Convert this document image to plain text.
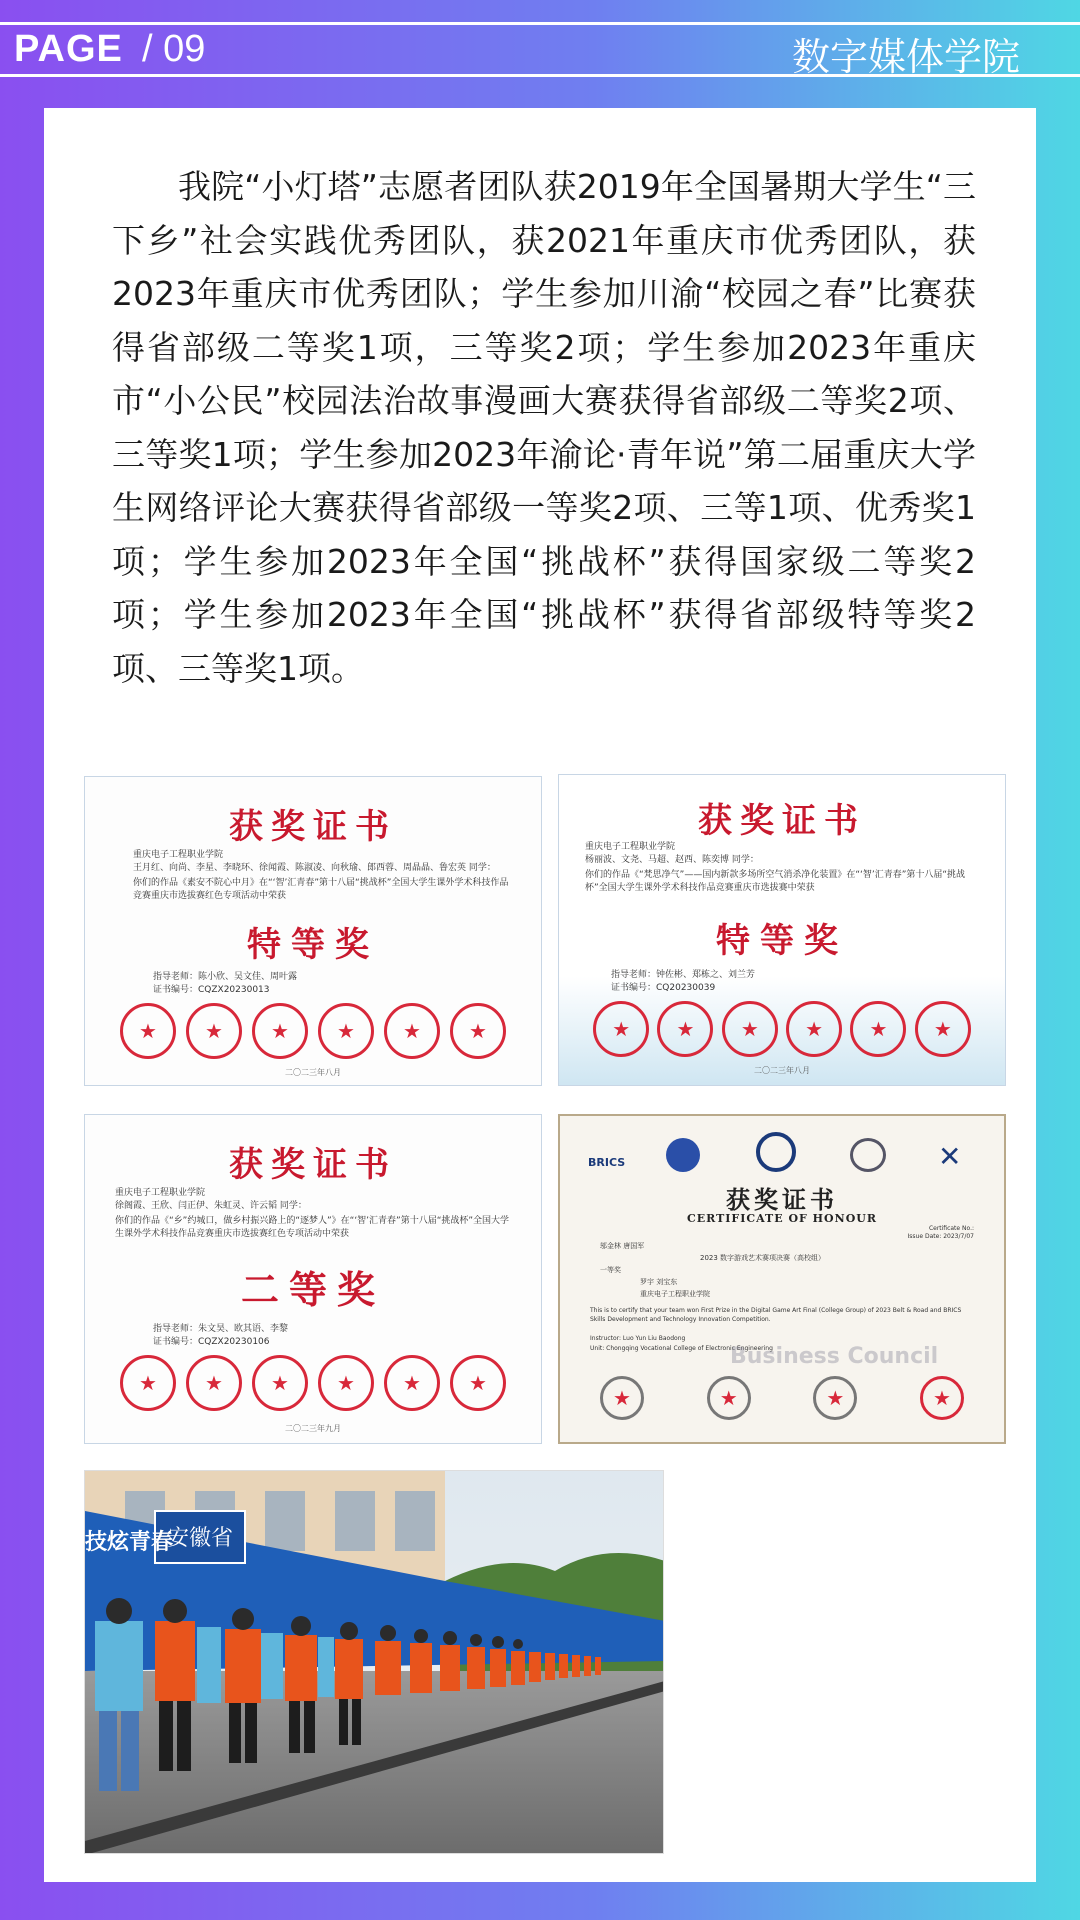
PAGE / 09	数字媒体学院

我院“小灯塔”志愿者团队获2019年全国暑期大学生“三下乡”社会实践优秀团队，获2021年重庆市优秀团队，获2023年重庆市优秀团队；学生参加川渝“校园之春”比赛获得省部级二等奖1项，三等奖2项；学生参加2023年重庆市“小公民”校园法治故事漫画大赛获得省部级二等奖2项、三等奖1项；学生参加2023年渝论·青年说”第二届重庆大学生网络评论大赛获得省部级一等奖2项、三等1项、优秀奖1项；学生参加2023年全国“挑战杯”获得国家级二等奖2项；学生参加2023年全国“挑战杯”获得省部级特等奖2项、三等奖1项。

获奖证书
重庆电子工程职业学院
王月红、向尚、李星、李晓环、徐闻霞、陈淑凌、向秋瑜、郎西蓉、周晶晶、鲁宏英 同学：
你们的作品《素安不院心中月》在“‘智’汇青春”第十八届“挑战杯”全国大学生课外学术科技作品竞赛重庆市选拔赛红色专项活动中荣获
特等奖
指导老师：陈小欣、吴文佳、周叶露
证书编号：CQZX20230013
★
★
★
★
★
★
二〇二三年八月
获奖证书
重庆电子工程职业学院
杨丽波、文尧、马超、赵西、陈奕博 同学：
你们的作品《“梵思净气”——国内新款多场所空气消杀净化装置》在“‘智’汇青春”第十八届“挑战杯”全国大学生课外学术科技作品竞赛重庆市选拔赛中荣获
特等奖
指导老师：钟佐彬、郑栋之、刘兰芳
证书编号：CQ20230039
★
★
★
★
★
★
二〇二三年八月
获奖证书
重庆电子工程职业学院
徐阁霞、王欣、闫正伊、朱虹灵、许云韬 同学：
你们的作品《“乡”约城口，做乡村振兴路上的“逐梦人”》在“‘智’汇青春”第十八届“挑战杯”全国大学生课外学术科技作品竞赛重庆市选拔赛红色专项活动中荣获
二等奖
指导老师：朱文昊、欧其语、李黎
证书编号：CQZX20230106
★
★
★
★
★
★
二〇二三年九月
BRICS	✕
获奖证书
CERTIFICATE OF HONOUR
Certificate No.:
Issue Date: 2023/7/07
邬金林 唐国军
2023 数字游戏艺术赛项决赛（高校组）
一等奖
罗宇 刘宝东
重庆电子工程职业学院
This is to certify that your team won First Prize in the Digital Game Art Final (College Group) of 2023 Belt & Road and BRICS Skills Development and Technology Innovation Competition.
Instructor: Luo Yun Liu Baodong
Unit: Chongqing Vocational College of Electronic Engineering
Business Council
★
★
★
★
安徽省
技炫青春
